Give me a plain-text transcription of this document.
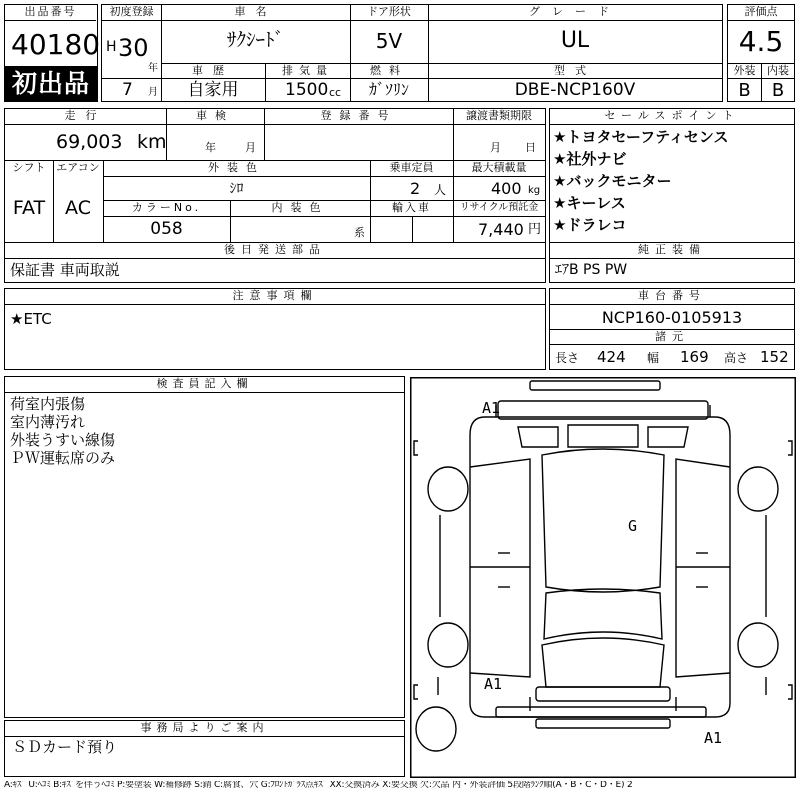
出品番号
40180
初出品
初度登録
H 30
年
7 月
車名
ｻｸｼｰﾄﾞ
ドア形状
5V
グレード
UL
車歴
自家用
排気量
1500 cc
燃料
ｶﾞｿﾘﾝ
型式
DBE-NCP160V
評価点
4.5
外装	内装
B	B
走行
69,003 km
車検
年	月
登録番号	譲渡書類期限
月 日
シフト
FAT
エアコン
AC
外装色
ｼﾛ
乗車定員
2 人
最大積載量
400 kg
カラーNo.
058
内装色
系
輸入車	リサイクル預託金
7,440 円
後日発送部品
保証書 車両取説
セールスポイント
★トヨタセーフティセンス
★社外ナビ
★バックモニター
★キーレス
★ドラレコ
純正装備
ｴｱB PS PW
注意事項欄
★ETC
車台番号
NCP160-0105913
諸元
長さ 424 幅 169 高さ 152
検査員記入欄
荷室内張傷
室内薄汚れ
外装うすい線傷
ＰＷ運転席のみ
事務局よりご案内
ＳＤカード預り
A1
G
A1
A1
A:ｷｽﾞ U:ﾍｺﾐ B:ｷｽﾞを伴うﾍｺﾐ P:要塗装 W:補修跡 S:錆 C:腐食、穴 G:ﾌﾛﾝﾄｶﾞﾗｽ点ｷｽﾞ XX:交換済み X:要交換 欠:欠品 内・外装評価 5段階ﾗﾝｸ順(A・B・C・D・E) 2
